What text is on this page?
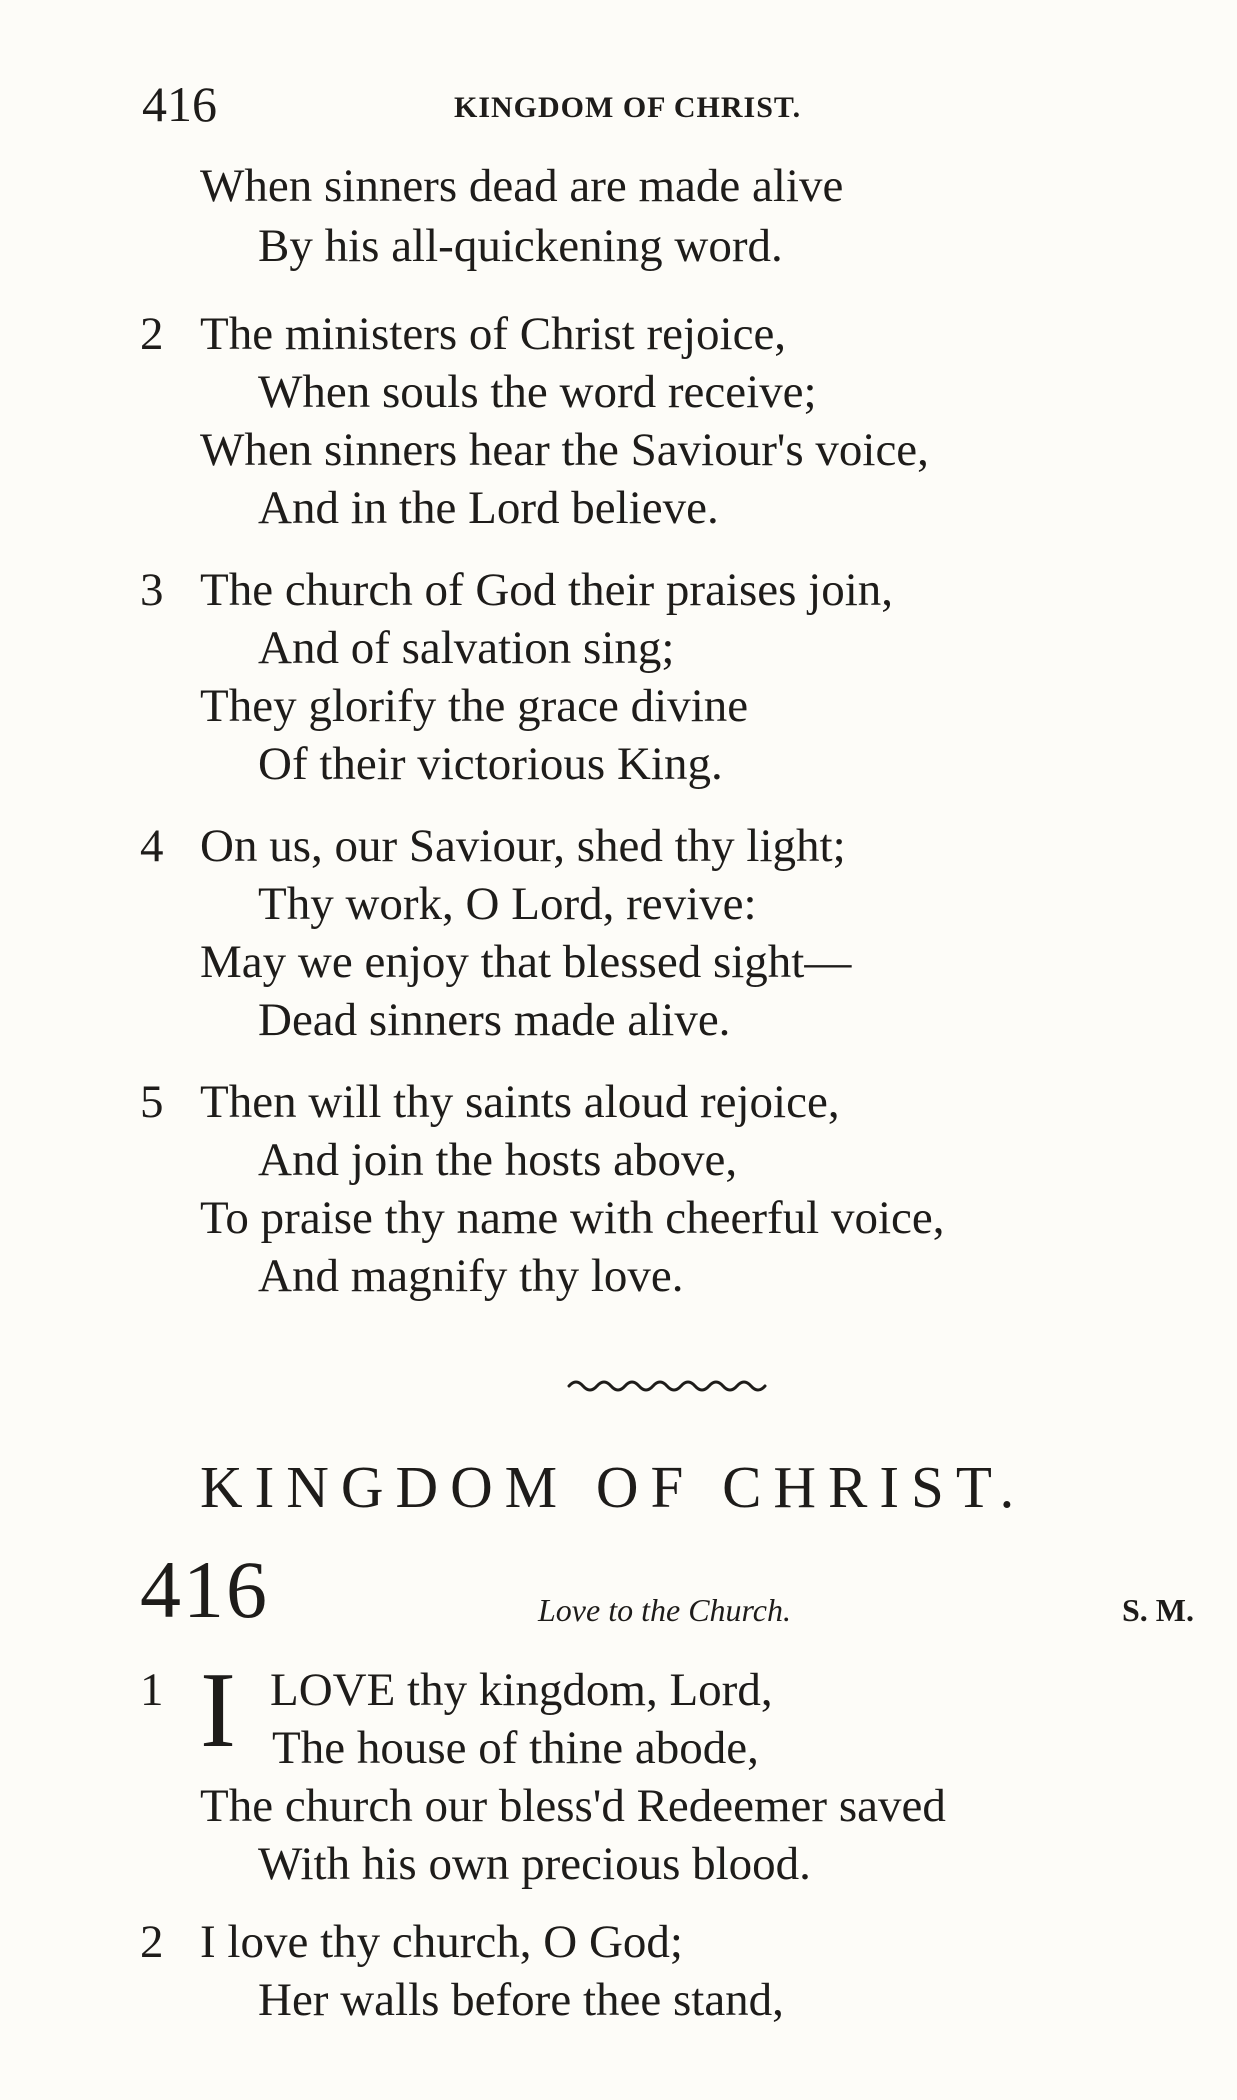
416	KINGDOM OF CHRIST.
When sinners dead are made alive
By his all-quickening word.
2 The ministers of Christ rejoice,
When souls the word receive;
When sinners hear the Saviour's voice,
And in the Lord believe.
3 The church of God their praises join,
And of salvation sing;
They glorify the grace divine
Of their victorious King.
4 On us, our Saviour, shed thy light;
Thy work, O Lord, revive:
May we enjoy that blessed sight—
Dead sinners made alive.
5 Then will thy saints aloud rejoice,
And join the hosts above,
To praise thy name with cheerful voice,
And magnify thy love.
KINGDOM OF CHRIST.
416	Love to the Church.	S. M.
1 I LOVE thy kingdom, Lord,
The house of thine abode,
The church our bless'd Redeemer saved
With his own precious blood.
2 I love thy church, O God;
Her walls before thee stand,
